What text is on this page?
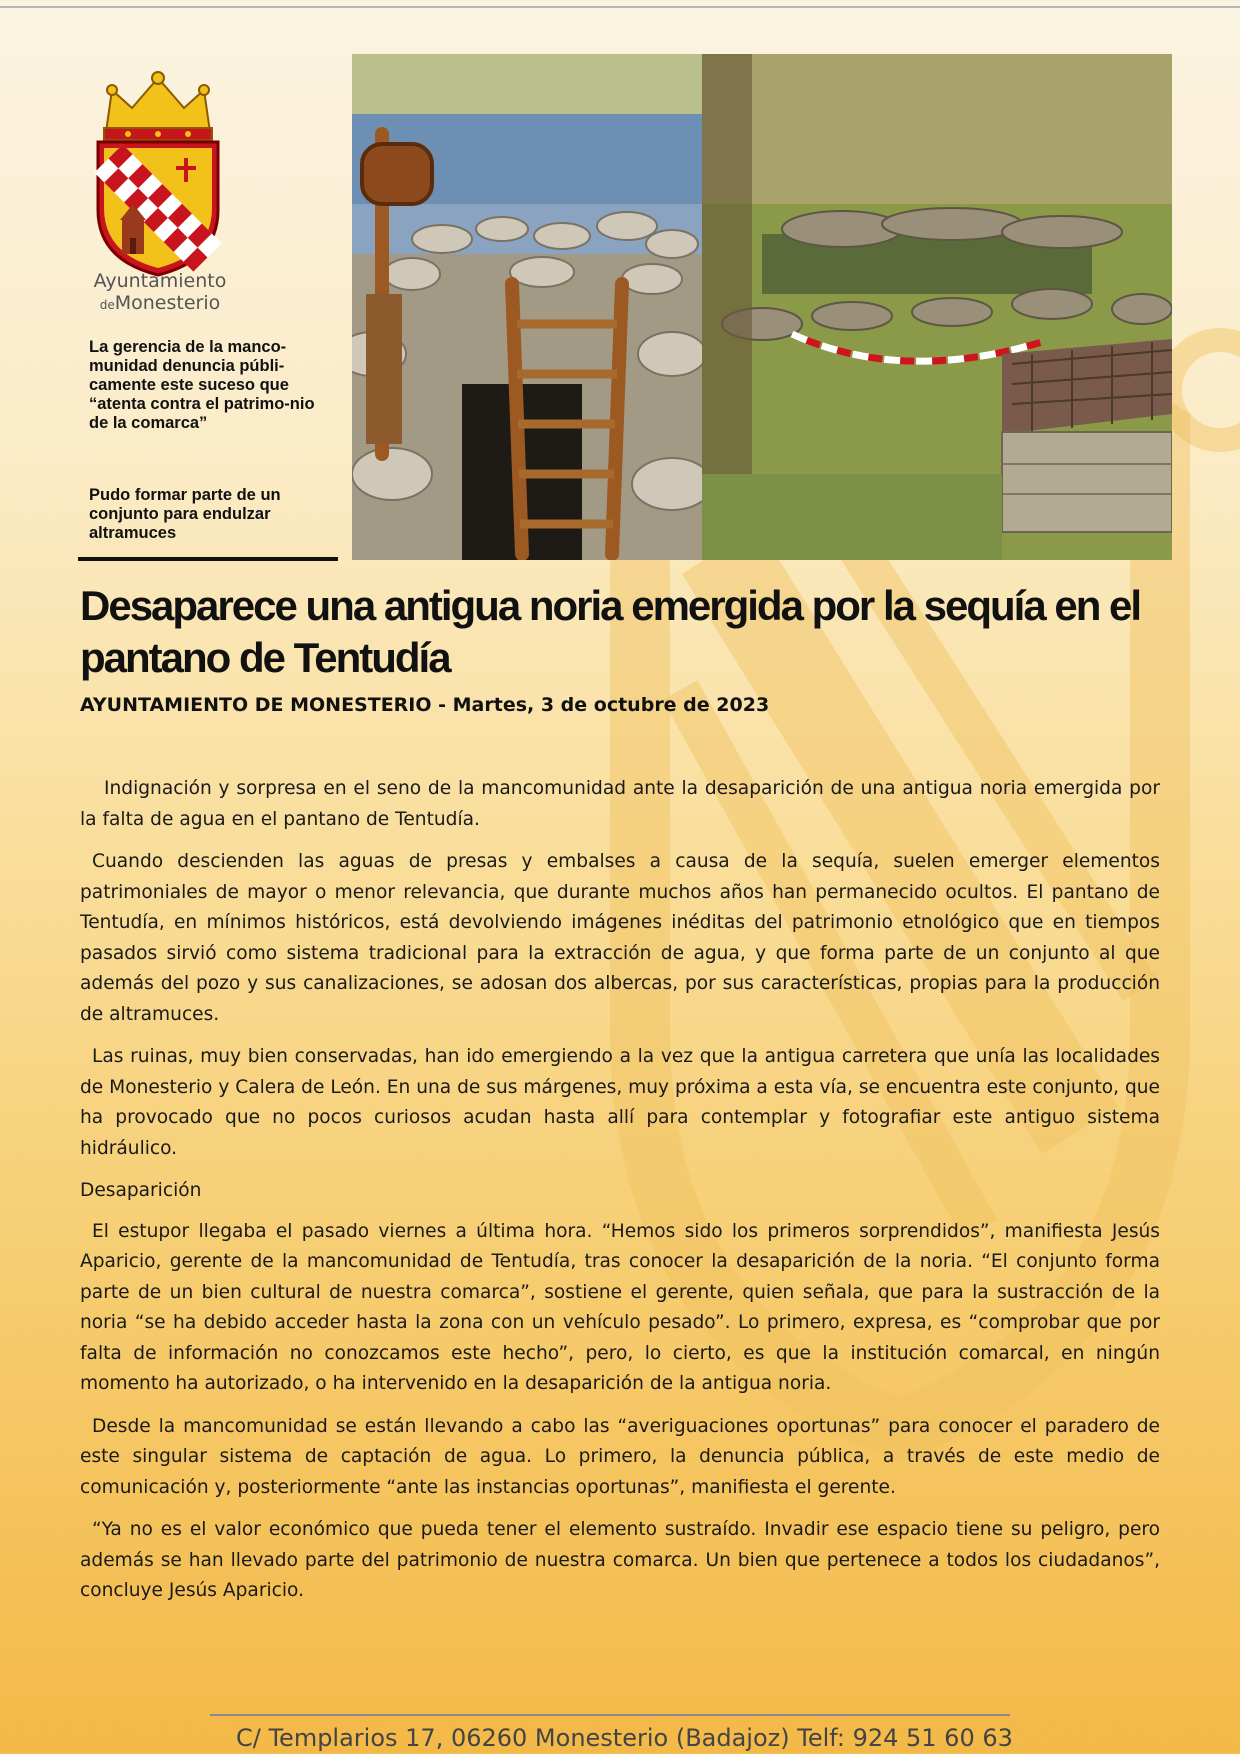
Ayuntamiento
deMonesterio

La gerencia de la manco-munidad denuncia públi-camente este suceso que “atenta contra el patrimo-nio de la comarca”

Pudo formar parte de un conjunto para endulzar altramuces

Desaparece una antigua noria emergida por la sequía en el pantano de Tentudía

AYUNTAMIENTO DE MONESTERIO - Martes, 3 de octubre de 2023

Indignación y sorpresa en el seno de la mancomunidad ante la desaparición de una antigua noria emergida por la falta de agua en el pantano de Tentudía.

Cuando descienden las aguas de presas y embalses a causa de la sequía, suelen emerger elementos patrimoniales de mayor o menor relevancia, que durante muchos años han permanecido ocultos. El pantano de Tentudía, en mínimos históricos, está devolviendo imágenes inéditas del patrimonio etnológico que en tiempos pasados sirvió como sistema tradicional para la extracción de agua, y que forma parte de un conjunto al que además del pozo y sus canalizaciones, se adosan dos albercas, por sus características, propias para la producción de altramuces.

Las ruinas, muy bien conservadas, han ido emergiendo a la vez que la antigua carretera que unía las localidades de Monesterio y Calera de León. En una de sus márgenes, muy próxima a esta vía, se encuentra este conjunto, que ha provocado que no pocos curiosos acudan hasta allí para contemplar y fotografiar este antiguo sistema hidráulico.

Desaparición

El estupor llegaba el pasado viernes a última hora. “Hemos sido los primeros sorprendidos”, manifiesta Jesús Aparicio, gerente de la mancomunidad de Tentudía, tras conocer la desaparición de la noria. “El conjunto forma parte de un bien cultural de nuestra comarca”, sostiene el gerente, quien señala, que para la sustracción de la noria “se ha debido acceder hasta la zona con un vehículo pesado”. Lo primero, expresa, es “comprobar que por falta de información no conozcamos este hecho”, pero, lo cierto, es que la institución comarcal, en ningún momento ha autorizado, o ha intervenido en la desaparición de la antigua noria.

Desde la mancomunidad se están llevando a cabo las “averiguaciones oportunas” para conocer el paradero de este singular sistema de captación de agua. Lo primero, la denuncia pública, a través de este medio de comunicación y, posteriormente “ante las instancias oportunas”, manifiesta el gerente.

“Ya no es el valor económico que pueda tener el elemento sustraído. Invadir ese espacio tiene su peligro, pero además se han llevado parte del patrimonio de nuestra comarca. Un bien que pertenece a todos los ciudadanos”, concluye Jesús Aparicio.

C/ Templarios 17, 06260 Monesterio (Badajoz) Telf: 924 51 60 63
